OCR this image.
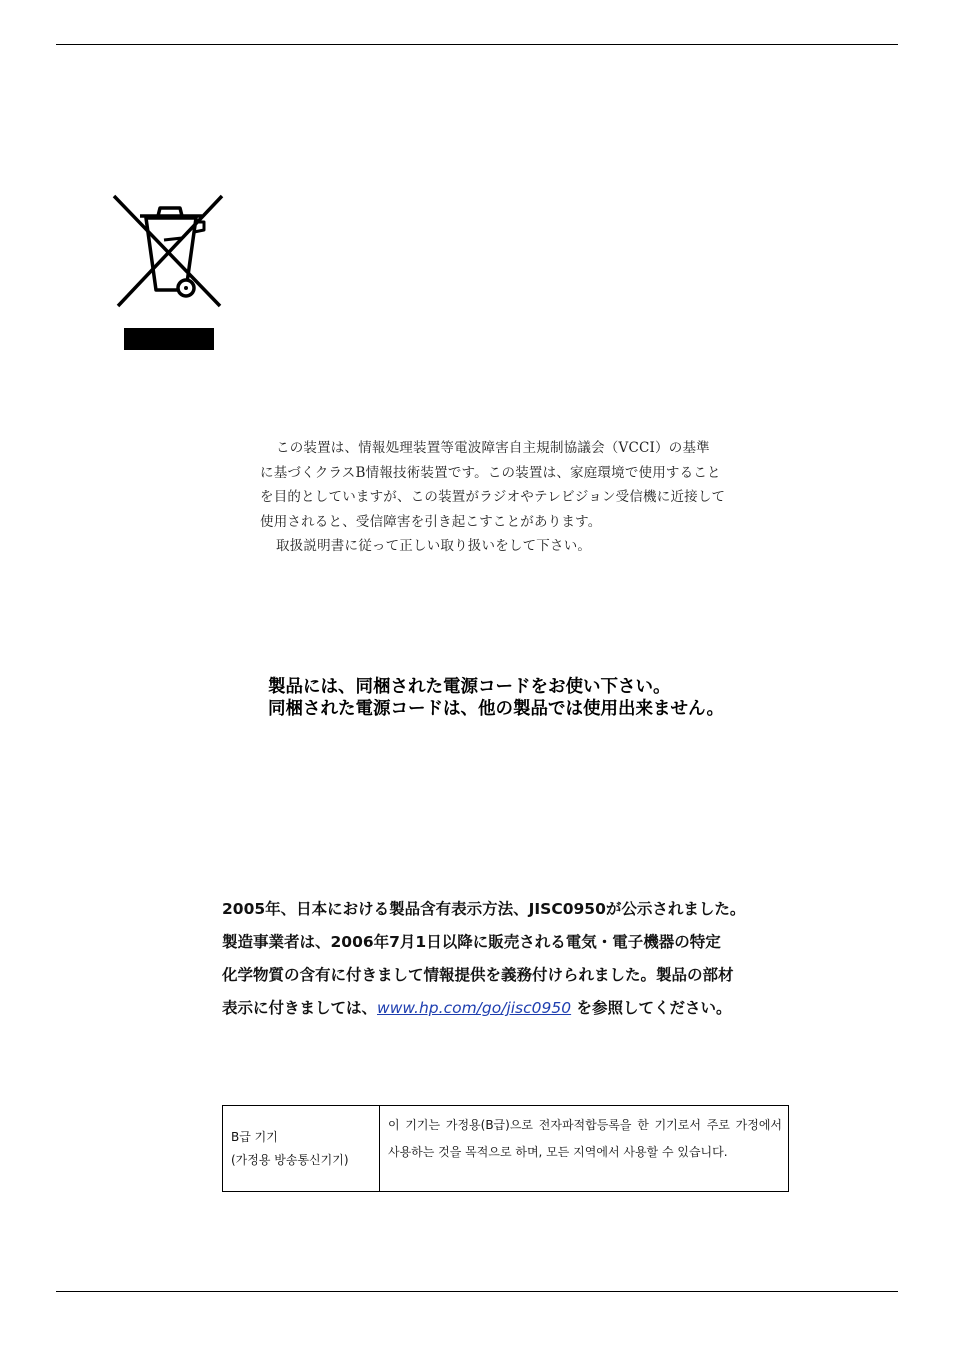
この装置は、情報処理装置等電波障害自主規制協議会（VCCI）の基準

に基づくクラスB情報技術装置です。この装置は、家庭環境で使用すること

を目的としていますが、この装置がラジオやテレビジョン受信機に近接して

使用されると、受信障害を引き起こすことがあります。

取扱説明書に従って正しい取り扱いをして下さい。

製品には、同梱された電源コードをお使い下さい。

同梱された電源コードは、他の製品では使用出来ません。

2005年、日本における製品含有表示方法、JISC0950が公示されました。

製造事業者は、2006年7月1日以降に販売される電気・電子機器の特定

化学物質の含有に付きまして情報提供を義務付けられました。製品の部材

表示に付きましては、www.hp.com/go/jisc0950 を参照してください。

B급 기기

(가정용 방송통신기기)

이 기기는 가정용(B급)으로 전자파적합등록을 한 기기로서 주로 가정에서 사용하는 것을 목적으로 하며, 모든 지역에서 사용할 수 있습니다.
